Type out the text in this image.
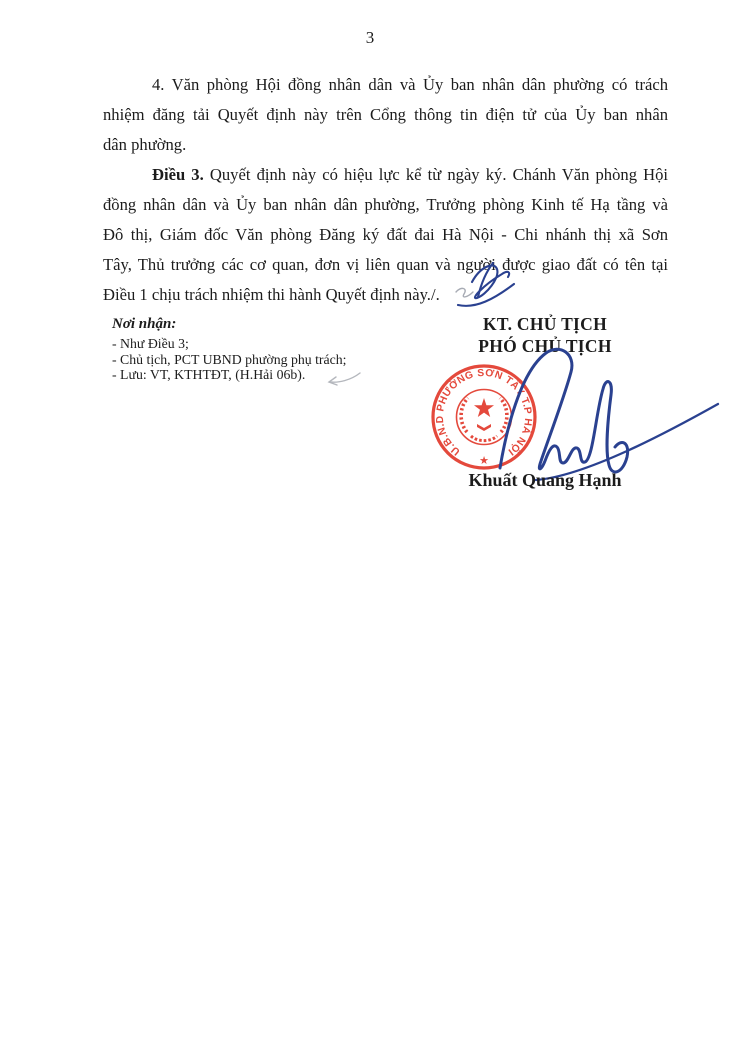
3
4. Văn phòng Hội đồng nhân dân và Ủy ban nhân dân phường có trách
nhiệm đăng tải Quyết định này trên Cổng thông tin điện tử của Ủy ban nhân
dân phường.
Điều 3. Quyết định này có hiệu lực kể từ ngày ký. Chánh Văn phòng Hội
đồng nhân dân và Ủy ban nhân dân phường, Trưởng phòng Kinh tế Hạ tầng và
Đô thị, Giám đốc Văn phòng Đăng ký đất đai Hà Nội - Chi nhánh thị xã Sơn
Tây, Thủ trưởng các cơ quan, đơn vị liên quan và người được giao đất có tên tại
Điều 1 chịu trách nhiệm thi hành Quyết định này./.
Nơi nhận:
- Như Điều 3;
- Chủ tịch, PCT UBND phường phụ trách;
- Lưu: VT, KTHTĐT, (H.Hải 06b).
KT. CHỦ TỊCH
PHÓ CHỦ TỊCH
U.B.N.D PHƯỜNG SƠN TÂY T.P HÀ NỘI
★
Khuất Quang Hạnh
